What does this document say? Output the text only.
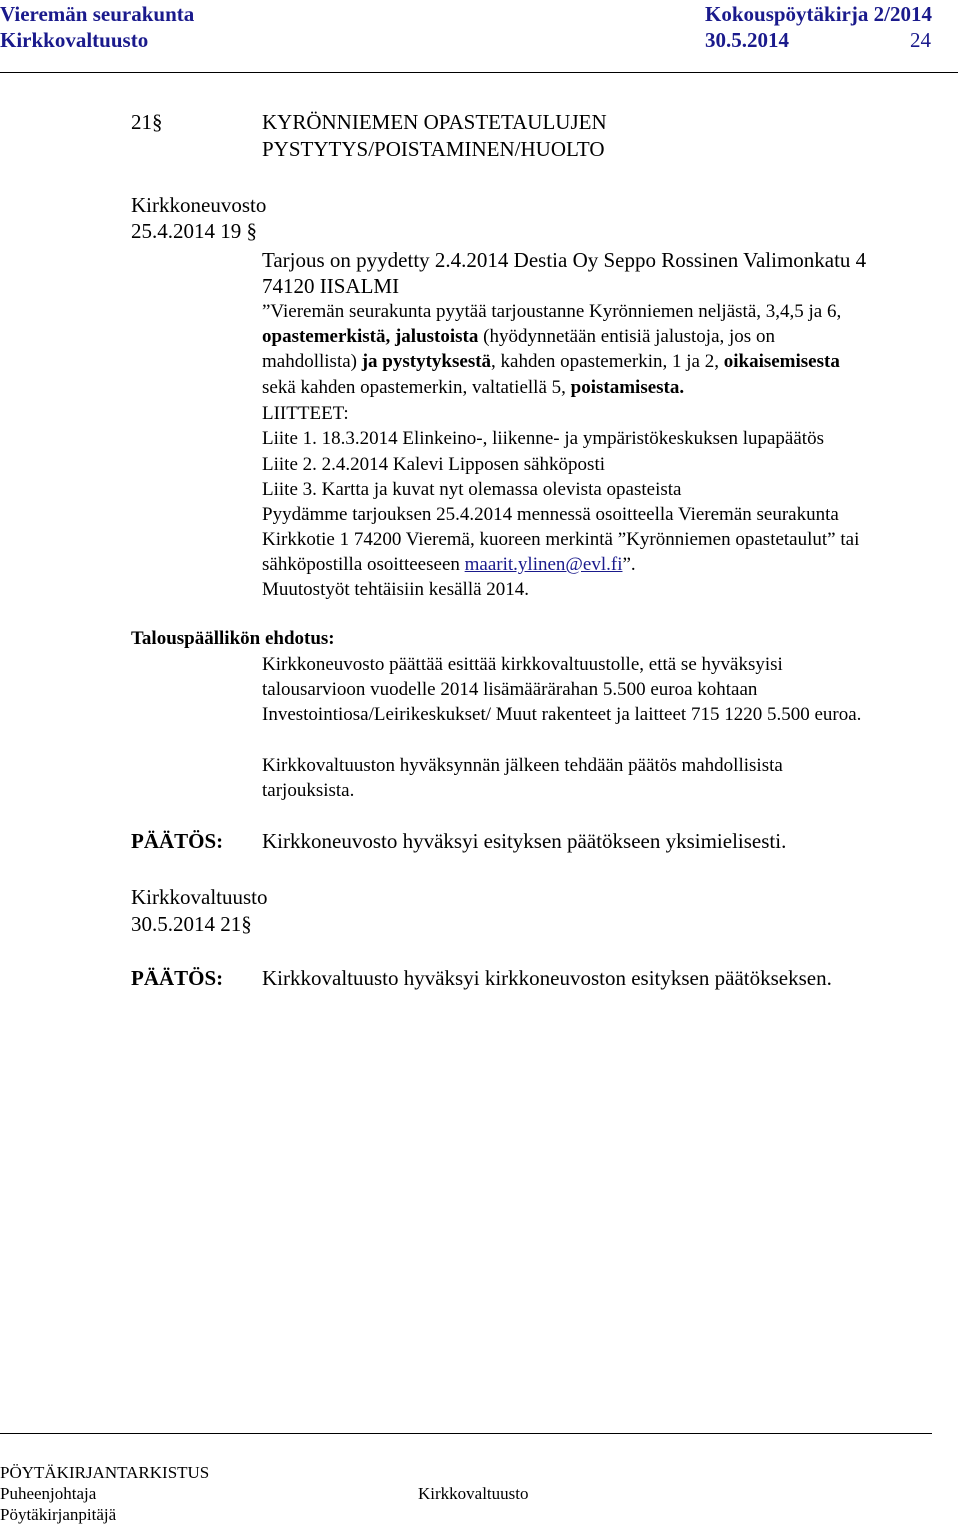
Vieremän seurakunta	Kokouspöytäkirja 2/2014
Kirkkovaltuusto	30.5.2014	24
21§	KYRÖNNIEMEN OPASTETAULUJEN
PYSTYTYS/POISTAMINEN/HUOLTO
Kirkkoneuvosto
25.4.2014 19 §
Tarjous on pyydetty 2.4.2014 Destia Oy Seppo Rossinen Valimonkatu 4
74120 IISALMI
”Vieremän seurakunta pyytää tarjoustanne Kyrönniemen neljästä, 3,4,5 ja 6,
opastemerkistä, jalustoista (hyödynnetään entisiä jalustoja, jos on
mahdollista) ja pystytyksestä, kahden opastemerkin, 1 ja 2, oikaisemisesta
sekä kahden opastemerkin, valtatiellä 5, poistamisesta.
LIITTEET:
Liite 1. 18.3.2014 Elinkeino-, liikenne- ja ympäristökeskuksen lupapäätös
Liite 2. 2.4.2014 Kalevi Lipposen sähköposti
Liite 3. Kartta ja kuvat nyt olemassa olevista opasteista
Pyydämme tarjouksen 25.4.2014 mennessä osoitteella Vieremän seurakunta
Kirkkotie 1 74200 Vieremä, kuoreen merkintä ”Kyrönniemen opastetaulut” tai
sähköpostilla osoitteeseen maarit.ylinen@evl.fi”.
Muutostyöt tehtäisiin kesällä 2014.
Talouspäällikön ehdotus:
Kirkkoneuvosto päättää esittää kirkkovaltuustolle, että se hyväksyisi
talousarvioon vuodelle 2014 lisämäärärahan 5.500 euroa kohtaan
Investointiosa/Leirikeskukset/ Muut rakenteet ja laitteet 715 1220 5.500 euroa.
Kirkkovaltuuston hyväksynnän jälkeen tehdään päätös mahdollisista
tarjouksista.
PÄÄTÖS: Kirkkoneuvosto hyväksyi esityksen päätökseen yksimielisesti.
Kirkkovaltuusto
30.5.2014 21§
PÄÄTÖS: Kirkkovaltuusto hyväksyi kirkkoneuvoston esityksen päätökseksen.
PÖYTÄKIRJANTARKISTUS
Puheenjohtaja	Kirkkovaltuusto
Pöytäkirjanpitäjä
